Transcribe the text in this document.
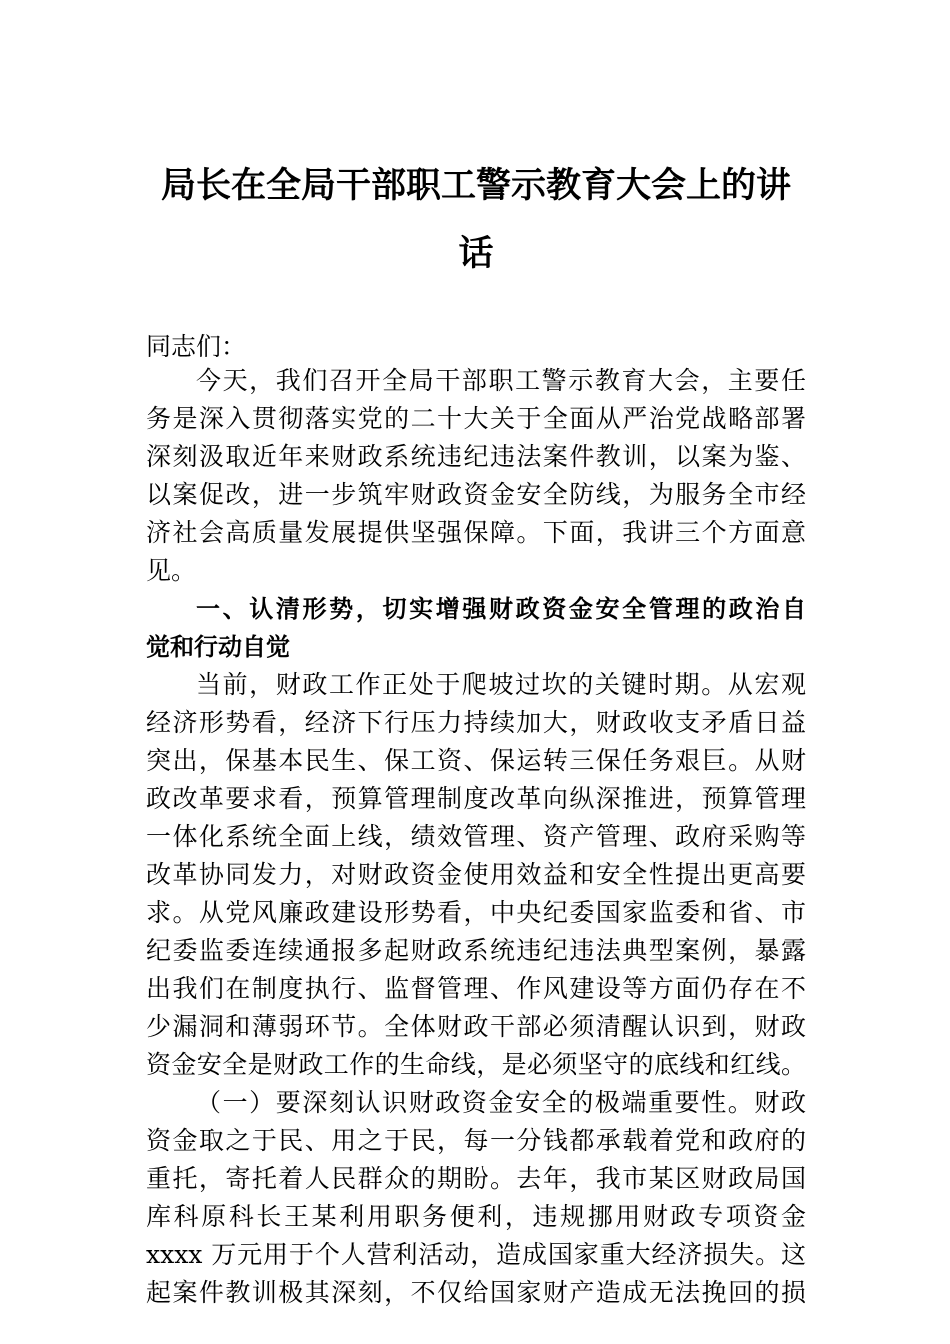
局长在全局干部职工警示教育大会上的讲
话
同志们：
今天，我们召开全局干部职工警示教育大会，主要任
务是深入贯彻落实党的二十大关于全面从严治党战略部署
深刻汲取近年来财政系统违纪违法案件教训，以案为鉴、
以案促改，进一步筑牢财政资金安全防线，为服务全市经
济社会高质量发展提供坚强保障。下面，我讲三个方面意
见。
一、认清形势，切实增强财政资金安全管理的政治自
觉和行动自觉
当前，财政工作正处于爬坡过坎的关键时期。从宏观
经济形势看，经济下行压力持续加大，财政收支矛盾日益
突出，保基本民生、保工资、保运转三保任务艰巨。从财
政改革要求看，预算管理制度改革向纵深推进，预算管理
一体化系统全面上线，绩效管理、资产管理、政府采购等
改革协同发力，对财政资金使用效益和安全性提出更高要
求。从党风廉政建设形势看，中央纪委国家监委和省、市
纪委监委连续通报多起财政系统违纪违法典型案例，暴露
出我们在制度执行、监督管理、作风建设等方面仍存在不
少漏洞和薄弱环节。全体财政干部必须清醒认识到，财政
资金安全是财政工作的生命线，是必须坚守的底线和红线。
（一）要深刻认识财政资金安全的极端重要性。财政
资金取之于民、用之于民，每一分钱都承载着党和政府的
重托，寄托着人民群众的期盼。去年，我市某区财政局国
库科原科长王某利用职务便利，违规挪用财政专项资金
xxxx 万元用于个人营利活动，造成国家重大经济损失。这
起案件教训极其深刻，不仅给国家财产造成无法挽回的损
